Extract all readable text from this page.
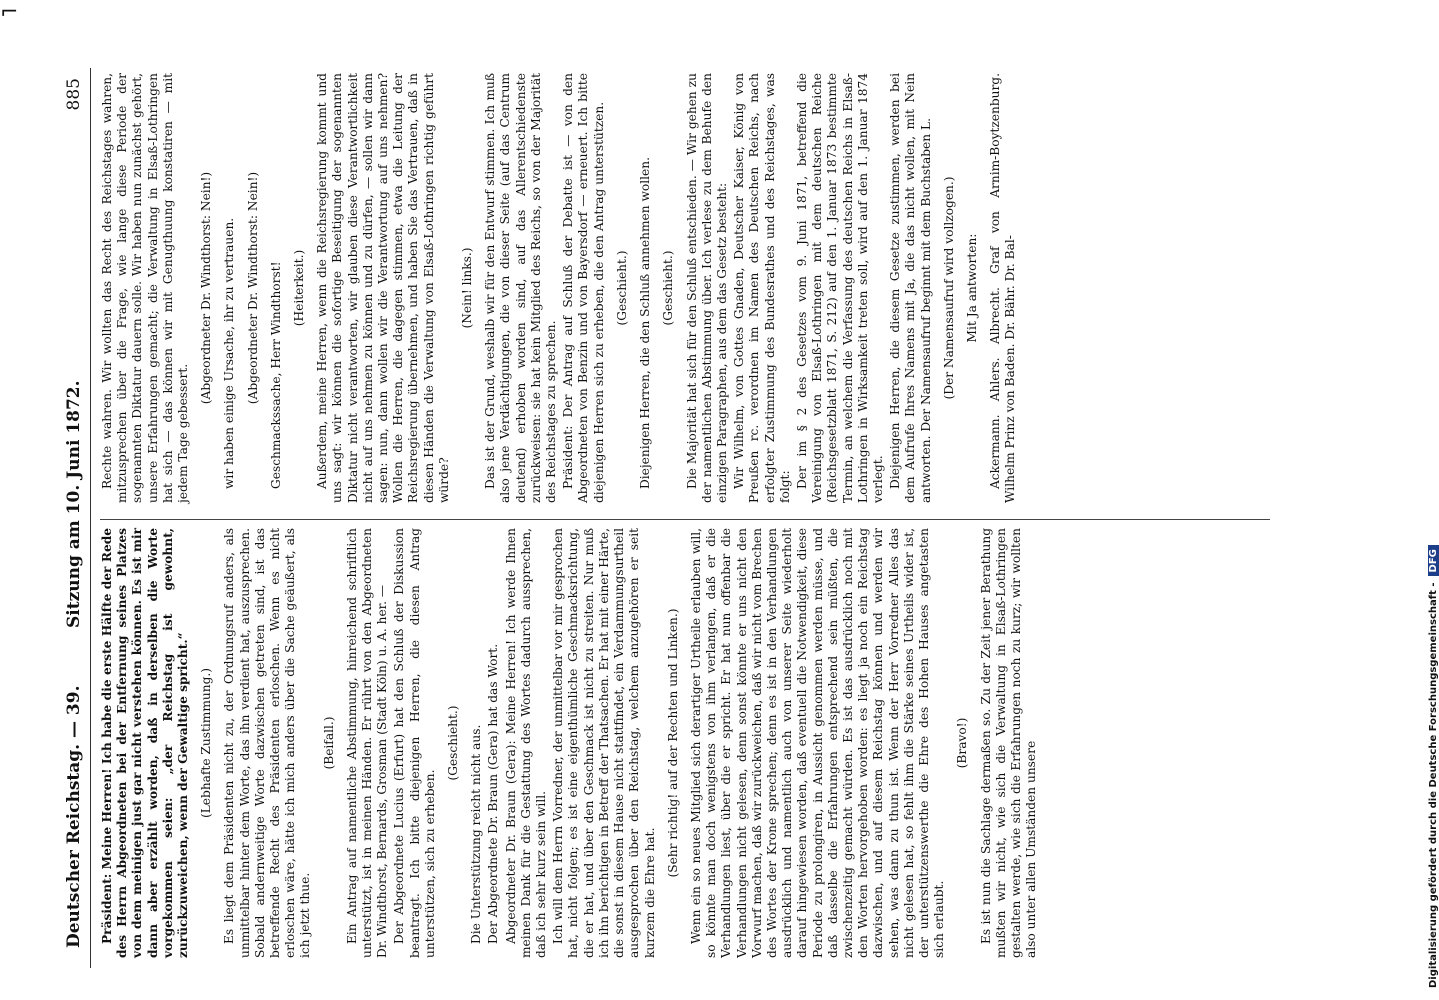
⌐
Deutscher Reichstag. — 39.
Sitzung am 10. Juni 1872.
885

Präsident: Meine Herren! Ich habe die erste Hälfte der Rede des Herrn Abgeordneten bei der Entfernung seines Platzes von dem meinigen just gar nicht verstehen können. Es ist mir dann aber erzählt worden, daß in derselben die Worte vorgekommen seien: „der Reichstag ist gewohnt, zurückzuweichen, wenn der Gewaltige spricht.“ (Lebhafte Zustimmung.) Es liegt dem Präsidenten nicht zu, der Ordnungsruf anders, als unmittelbar hinter dem Worte, das ihn verdient hat, auszusprechen. Sobald andernweitige Worte dazwischen getreten sind, ist das betreffende Recht des Präsidenten erloschen. Wenn es nicht erloschen wäre, hätte ich mich anders über die Sache geäußert, als ich jetzt thue.

(Beifall.) Ein Antrag auf namentliche Abstimmung, hinreichend schriftlich unterstützt, ist in meinen Händen. Er rührt von den Abgeordneten Dr. Windthorst, Bernards, Grosman (Stadt Köln) u. A. her. — Der Abgeordnete Lucius (Erfurt) hat den Schluß der Diskussion beantragt. Ich bitte diejenigen Herren, die diesen Antrag unterstützen, sich zu erheben.

(Geschieht.) Die Unterstützung reicht nicht aus. Der Abgeordnete Dr. Braun (Gera) hat das Wort. Abgeordneter Dr. Braun (Gera): Meine Herren! Ich werde Ihnen meinen Dank für die Gestattung des Wortes dadurch aussprechen, daß ich sehr kurz sein will. Ich will dem Herrn Vorredner, der unmittelbar vor mir gesprochen hat, nicht folgen; es ist eine eigenthümliche Geschmacksrichtung, die er hat, und über den Geschmack ist nicht zu streiten. Nur muß ich ihn berichtigen in Betreff der Thatsachen. Er hat mit einer Härte, die sonst in diesem Hause nicht stattfindet, ein Verdammungsurtheil ausgesprochen über den Reichstag, welchem anzugehören er seit kurzem die Ehre hat.

(Sehr richtig! auf der Rechten und Linken.) Wenn ein so neues Mitglied sich derartiger Urtheile erlauben will, so könnte man doch wenigstens von ihm verlangen, daß er die Verhandlungen liest, über die er spricht. Er hat nun offenbar die Verhandlungen nicht gelesen, denn sonst könnte er uns nicht den Vorwurf machen, daß wir zurückweichen, daß wir nicht vom Brechen des Wortes der Krone sprechen; denn es ist in den Verhandlungen ausdrücklich und namentlich auch von unserer Seite wiederholt darauf hingewiesen worden, daß eventuell die Notwendigkeit, diese Periode zu prolongiren, in Aussicht genommen werden müsse, und daß dasselbe die Erfahrungen entsprechend sein müßten, die zwischenzeitig gemacht würden. Es ist das ausdrücklich noch mit den Worten hervorgehoben worden: es liegt ja noch ein Reichstag dazwischen, und auf diesem Reichstag können und werden wir sehen, was dann zu thun ist. Wenn der Herr Vorredner Alles das nicht gelesen hat, so fehlt ihm die Stärke seines Urtheils wider ist, der unterstützenswerthe die Ehre des Hohen Hauses angetasten sich erlaubt.

(Bravo!) Es ist nun die Sachlage dermaßen so. Zu der Zeit jener Berathung mußten wir nicht, wie sich die Verwaltung in Elsaß-Lothringen gestalten werde, wie sich die Erfahrungen noch zu kurz; wir wollten also unter allen Umständen unsere

Rechte wahren. Wir wollten das Recht des Reichstages wahren, mitzusprechen über die Frage, wie lange diese Periode der sogenannten Diktatur dauern solle. Wir haben nun zunächst gehört, unsere Erfahrungen gemacht; die Verwaltung in Elsaß-Lothringen hat sich — das können wir mit Genugthuung konstatiren — mit jedem Tage gebessert.

(Abgeordneter Dr. Windthorst: Nein!) wir haben einige Ursache, ihr zu vertrauen. (Abgeordneter Dr. Windthorst: Nein!) Geschmackssache, Herr Windthorst! (Heiterkeit.) Außerdem, meine Herren, wenn die Reichsregierung kommt und uns sagt: wir können die sofortige Beseitigung der sogenannten Diktatur nicht verantworten, wir glauben diese Verantwortlichkeit nicht auf uns nehmen zu können und zu dürfen, — sollen wir dann sagen: nun, dann wollen wir die Verantwortung auf uns nehmen? Wollen die Herren, die dagegen stimmen, etwa die Leitung der Reichsregierung übernehmen, und haben Sie das Vertrauen, daß in diesen Händen die Verwaltung von Elsaß-Lothringen richtig geführt würde?

(Nein! links.) Das ist der Grund, weshalb wir für den Entwurf stimmen. Ich muß also jene Verdächtigungen, die von dieser Seite (auf das Centrum deutend) erhoben worden sind, auf das Allerentschiedenste zurückweisen: sie hat kein Mitglied des Reichs, so von der Majorität des Reichstages zu sprechen. Präsident: Der Antrag auf Schluß der Debatte ist — von den Abgeordneten von Benzin und von Bayersdorf — erneuert. Ich bitte diejenigen Herren sich zu erheben, die den Antrag unterstützen. (Geschieht.) Diejenigen Herren, die den Schluß annehmen wollen. (Geschieht.) Die Majorität hat sich für den Schluß entschieden. — Wir gehen zu der namentlichen Abstimmung über. Ich verlese zu dem Behufe den einzigen Paragraphen, aus dem das Gesetz besteht: Wir Wilhelm, von Gottes Gnaden, Deutscher Kaiser, König von Preußen rc. verordnen im Namen des Deutschen Reichs, nach erfolgter Zustimmung des Bundesrathes und des Reichstages, was folgt: Der im § 2 des Gesetzes vom 9. Juni 1871, betreffend die Vereinigung von Elsaß-Lothringen mit dem deutschen Reiche (Reichsgesetzblatt 1871, S. 212) auf den 1. Januar 1873 bestimmte Termin, an welchem die Verfassung des deutschen Reichs in Elsaß-Lothringen in Wirksamkeit treten soll, wird auf den 1. Januar 1874 verlegt. Diejenigen Herren, die diesem Gesetze zustimmen, werden bei dem Aufrufe Ihres Namens mit Ja, die das nicht wollen, mit Nein antworten. Der Namensaufruf beginnt mit dem Buchstaben L. (Der Namensaufruf wird vollzogen.) Mit Ja antworten: Ackermann. Ahlers. Albrecht. Graf von Arnim-Boytzenburg. Wilhelm Prinz von Baden. Dr. Bähr. Dr. Bal-

Digitalisierung gefördert durch die Deutsche Forschungsgemeinschaft -DFG
